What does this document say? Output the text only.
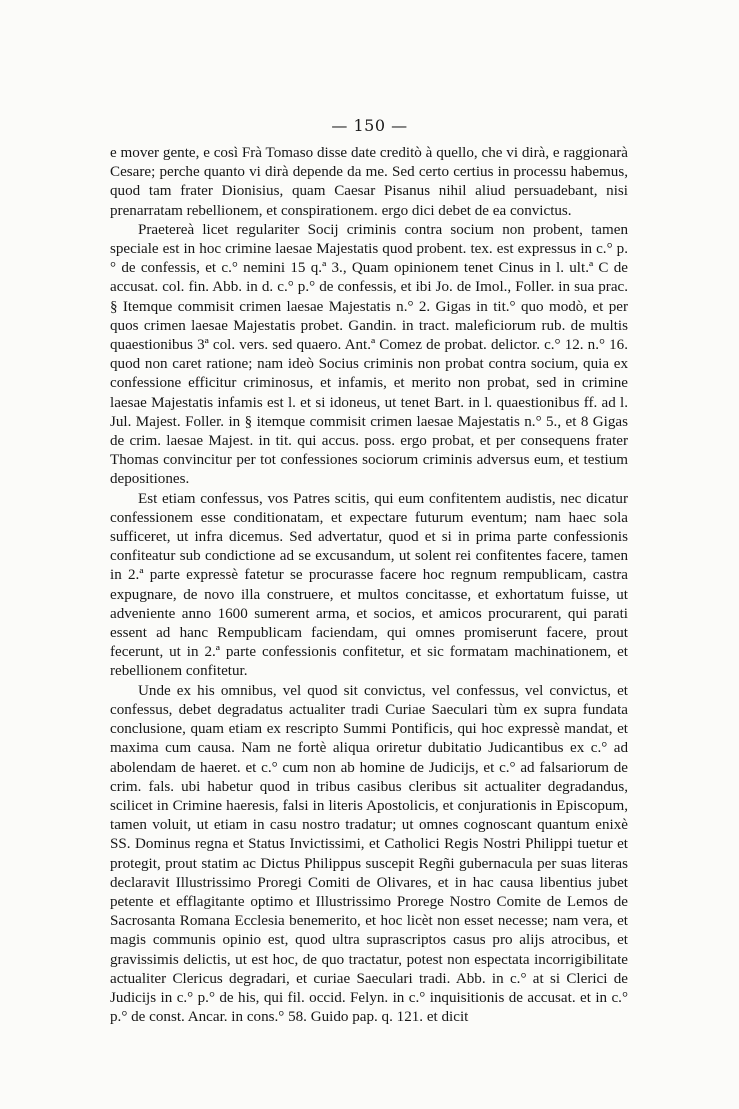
— 150 —

e mover gente, e così Frà Tomaso disse date creditò à quello, che vi dirà, e raggionarà Cesare; perche quanto vi dirà depende da me. Sed certo certius in processu habemus, quod tam frater Dionisius, quam Caesar Pisanus nihil aliud persuadebant, nisi prenarratam rebellionem, et conspirationem. ergo dici debet de ea convictus.

Praetereà licet regulariter Socij criminis contra socium non probent, tamen speciale est in hoc crimine laesae Majestatis quod probent. tex. est expressus in c.° p.° de confessis, et c.° nemini 15 q.ª 3., Quam opinionem tenet Cinus in l. ult.ª C de accusat. col. fin. Abb. in d. c.° p.° de confessis, et ibi Jo. de Imol., Foller. in sua prac. § Itemque commisit crimen laesae Majestatis n.° 2. Gigas in tit.° quo modò, et per quos crimen laesae Majestatis probet. Gandin. in tract. maleficiorum rub. de multis quaestionibus 3ª col. vers. sed quaero. Ant.ª Comez de probat. delictor. c.° 12. n.° 16. quod non caret ratione; nam ideò Socius criminis non probat contra socium, quia ex confessione efficitur criminosus, et infamis, et merito non probat, sed in crimine laesae Majestatis infamis est l. et si idoneus, ut tenet Bart. in l. quaestionibus ff. ad l. Jul. Majest. Foller. in § itemque commisit crimen laesae Majestatis n.° 5., et 8 Gigas de crim. laesae Majest. in tit. qui accus. poss. ergo probat, et per consequens frater Thomas convincitur per tot confessiones sociorum criminis adversus eum, et testium depositiones.

Est etiam confessus, vos Patres scitis, qui eum confitentem audistis, nec dicatur confessionem esse conditionatam, et expectare futurum eventum; nam haec sola sufficeret, ut infra dicemus. Sed advertatur, quod et si in prima parte confessionis confiteatur sub condictione ad se excusandum, ut solent rei confitentes facere, tamen in 2.ª parte expressè fatetur se procurasse facere hoc regnum rempublicam, castra expugnare, de novo illa construere, et multos concitasse, et exhortatum fuisse, ut adveniente anno 1600 sumerent arma, et socios, et amicos procurarent, qui parati essent ad hanc Rempublicam faciendam, qui omnes promiserunt facere, prout fecerunt, ut in 2.ª parte confessionis confitetur, et sic formatam machinationem, et rebellionem confitetur.

Unde ex his omnibus, vel quod sit convictus, vel confessus, vel convictus, et confessus, debet degradatus actualiter tradi Curiae Saeculari tùm ex supra fundata conclusione, quam etiam ex rescripto Summi Pontificis, qui hoc expressè mandat, et maxima cum causa. Nam ne fortè aliqua oriretur dubitatio Judicantibus ex c.° ad abolendam de haeret. et c.° cum non ab homine de Judicijs, et c.° ad falsariorum de crim. fals. ubi habetur quod in tribus casibus cleribus sit actualiter degradandus, scilicet in Crimine haeresis, falsi in literis Apostolicis, et conjurationis in Episcopum, tamen voluit, ut etiam in casu nostro tradatur; ut omnes cognoscant quantum enixè SS. Dominus regna et Status Invictissimi, et Catholici Regis Nostri Philippi tuetur et protegit, prout statim ac Dictus Philippus suscepit Regñi gubernacula per suas literas declaravit Illustrissimo Proregi Comiti de Olivares, et in hac causa libentius jubet petente et efflagitante optimo et Illustrissimo Prorege Nostro Comite de Lemos de Sacrosanta Romana Ecclesia benemerito, et hoc licèt non esset necesse; nam vera, et magis communis opinio est, quod ultra suprascriptos casus pro alijs atrocibus, et gravissimis delictis, ut est hoc, de quo tractatur, potest non espectata incorrigibilitate actualiter Clericus degradari, et curiae Saeculari tradi. Abb. in c.° at si Clerici de Judicijs in c.° p.° de his, qui fil. occid. Felyn. in c.° inquisitionis de accusat. et in c.° p.° de const. Ancar. in cons.° 58. Guido pap. q. 121. et dicit
